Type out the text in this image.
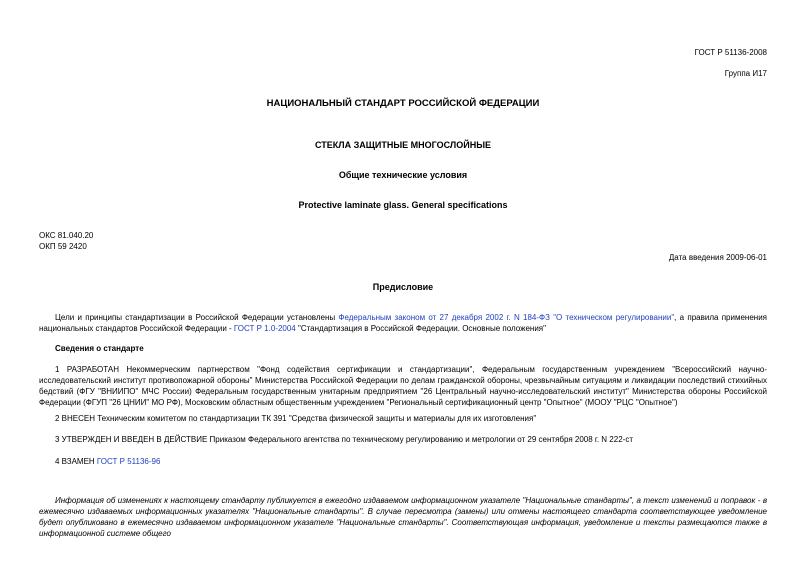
ГОСТ Р 51136-2008
Группа И17
НАЦИОНАЛЬНЫЙ СТАНДАРТ РОССИЙСКОЙ ФЕДЕРАЦИИ
СТЕКЛА ЗАЩИТНЫЕ МНОГОСЛОЙНЫЕ
Общие технические условия
Protective laminate glass. General specifications
ОКС 81.040.20
ОКП 59 2420
Дата введения 2009-06-01
Предисловие
Цели и принципы стандартизации в Российской Федерации установлены Федеральным законом от 27 декабря 2002 г. N 184-ФЗ "О техническом регулировании", а правила применения национальных стандартов Российской Федерации - ГОСТ Р 1.0-2004 "Стандартизация в Российской Федерации. Основные положения"
Сведения о стандарте
1 РАЗРАБОТАН Некоммерческим партнерством "Фонд содействия сертификации и стандартизации", Федеральным государственным учреждением "Всероссийский научно-исследовательский институт противопожарной обороны" Министерства Российской Федерации по делам гражданской обороны, чрезвычайным ситуациям и ликвидации последствий стихийных бедствий (ФГУ "ВНИИПО" МЧС России) Федеральным государственным унитарным предприятием "26 Центральный научно-исследовательский институт" Министерства обороны Российской Федерации (ФГУП "26 ЦНИИ" МО РФ), Московским областным общественным учреждением "Региональный сертификационный центр "Опытное" (МООУ "РЦС "Опытное")
2 ВНЕСЕН Техническим комитетом по стандартизации ТК 391 "Средства физической защиты и материалы для их изготовления"
3 УТВЕРЖДЕН И ВВЕДЕН В ДЕЙСТВИЕ Приказом Федерального агентства по техническому регулированию и метрологии от 29 сентября 2008 г. N 222-ст
4 ВЗАМЕН ГОСТ Р 51136-96
Информация об изменениях к настоящему стандарту публикуется в ежегодно издаваемом информационном указателе "Национальные стандарты", а текст изменений и поправок - в ежемесячно издаваемых информационных указателях "Национальные стандарты". В случае пересмотра (замены) или отмены настоящего стандарта соответствующее уведомление будет опубликовано в ежемесячно издаваемом информационном указателе "Национальные стандарты". Соответствующая информация, уведомление и тексты размещаются также в информационной системе общего
